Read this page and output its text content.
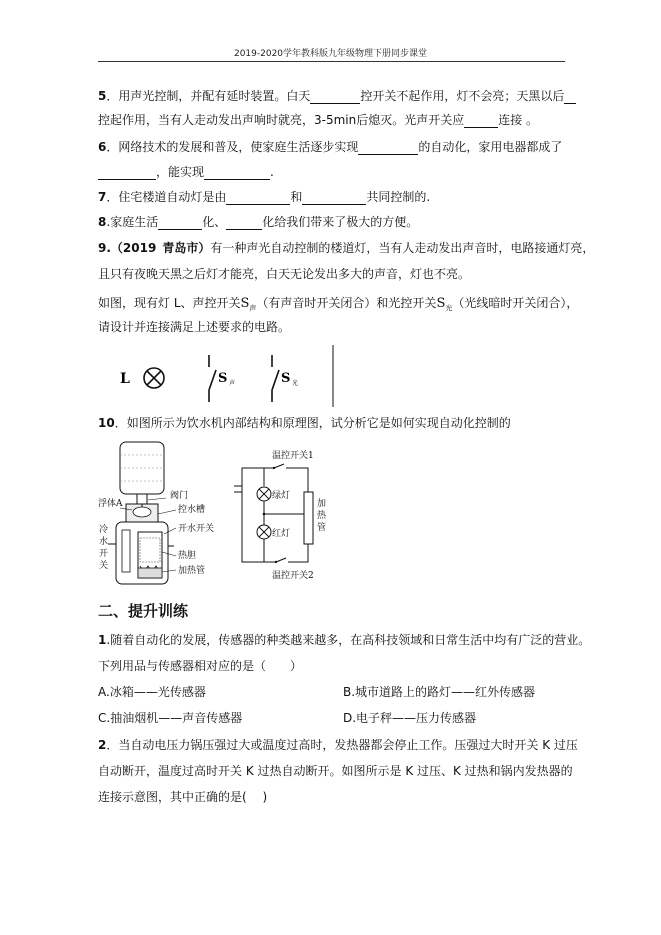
2019-2020学年教科版九年级物理下册同步课堂
5．用声光控制，并配有延时装置。白天	控开关不起作用，灯不会亮；天黑以后
控起作用，当有人走动发出声响时就亮，3-5min后熄灭。光声开关应	连接 。
6．网络技术的发展和普及，使家庭生活逐步实现	的自动化，家用电器都成了
，能实现	.
7．住宅楼道自动灯是由	和	共同控制的.
8.家庭生活	化、	化给我们带来了极大的方便。
9.（2019 青岛市）有一种声光自动控制的楼道灯，当有人走动发出声音时，电路接通灯亮，
且只有夜晚天黑之后灯才能亮，白天无论发出多大的声音，灯也不亮。
如图，现有灯 L、声控开关$S_声$（有声音时开关闭合）和光控开关$S_光$（光线暗时开关闭合），
请设计并连接满足上述要求的电路。
L	S 声	S 光
10．如图所示为饮水机内部结构和原理图，试分析它是如何实现自动化控制的
浮体A
阀门
控水槽
开水开关
热胆
加热管
冷
水
开
关
温控开关1
绿灯
红灯
加
热
管
温控开关2
二、提升训练
1.随着自动化的发展，传感器的种类越来越多，在高科技领域和日常生活中均有广泛的营业。
下列用品与传感器相对应的是（　　）
A.冰箱——光传感器	B.城市道路上的路灯——红外传感器
C.抽油烟机——声音传感器	D.电子秤——压力传感器
2．当自动电压力锅压强过大或温度过高时，发热器都会停止工作。压强过大时开关 K 过压
自动断开，温度过高时开关 K 过热自动断开。如图所示是 K 过压、K 过热和锅内发热器的
连接示意图，其中正确的是(　 )
